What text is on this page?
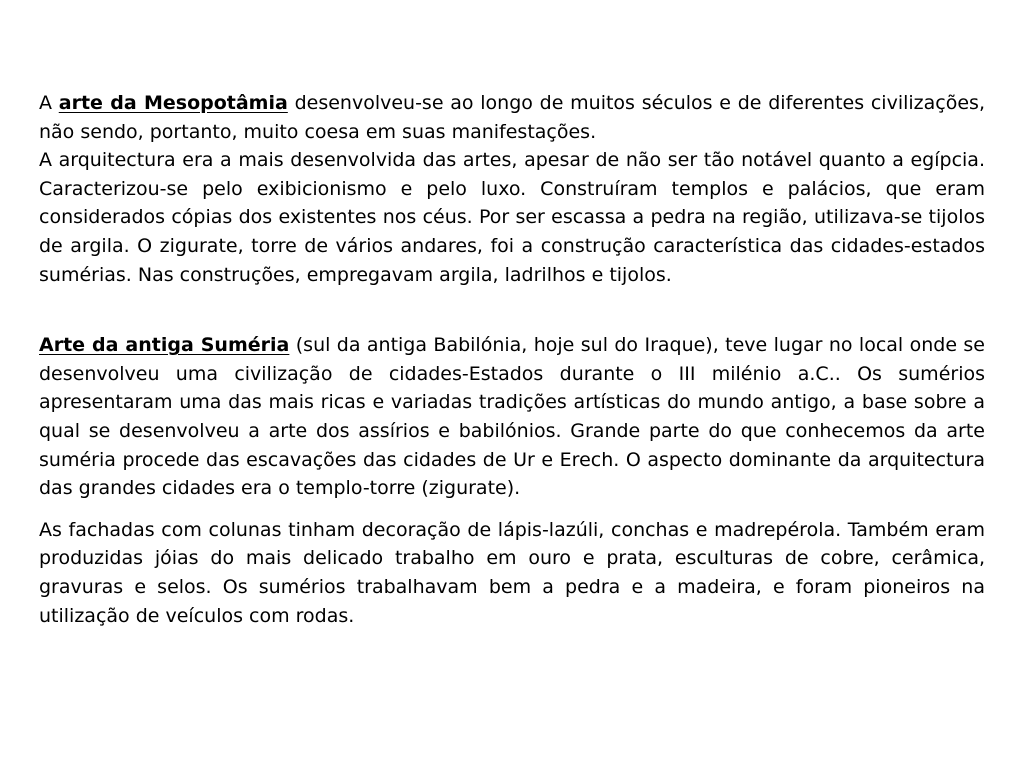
A arte da Mesopotâmia desenvolveu-se ao longo de muitos séculos e de diferentes civilizações, não sendo, portanto, muito coesa em suas manifestações.

A arquitectura era a mais desenvolvida das artes, apesar de não ser tão notável quanto a egípcia. Caracterizou-se pelo exibicionismo e pelo luxo. Construíram templos e palácios, que eram considerados cópias dos existentes nos céus. Por ser escassa a pedra na região, utilizava-se tijolos de argila. O zigurate, torre de vários andares, foi a construção característica das cidades-estados sumérias. Nas construções, empregavam argila, ladrilhos e tijolos.

Arte da antiga Suméria (sul da antiga Babilónia, hoje sul do Iraque), teve lugar no local onde se desenvolveu uma civilização de cidades-Estados durante o III milénio a.C.. Os sumérios apresentaram uma das mais ricas e variadas tradições artísticas do mundo antigo, a base sobre a qual se desenvolveu a arte dos assírios e babilónios. Grande parte do que conhecemos da arte suméria procede das escavações das cidades de Ur e Erech. O aspecto dominante da arquitectura das grandes cidades era o templo-torre (zigurate).

As fachadas com colunas tinham decoração de lápis-lazúli, conchas e madrepérola. Também eram produzidas jóias do mais delicado trabalho em ouro e prata, esculturas de cobre, cerâmica, gravuras e selos. Os sumérios trabalhavam bem a pedra e a madeira, e foram pioneiros na utilização de veículos com rodas.
